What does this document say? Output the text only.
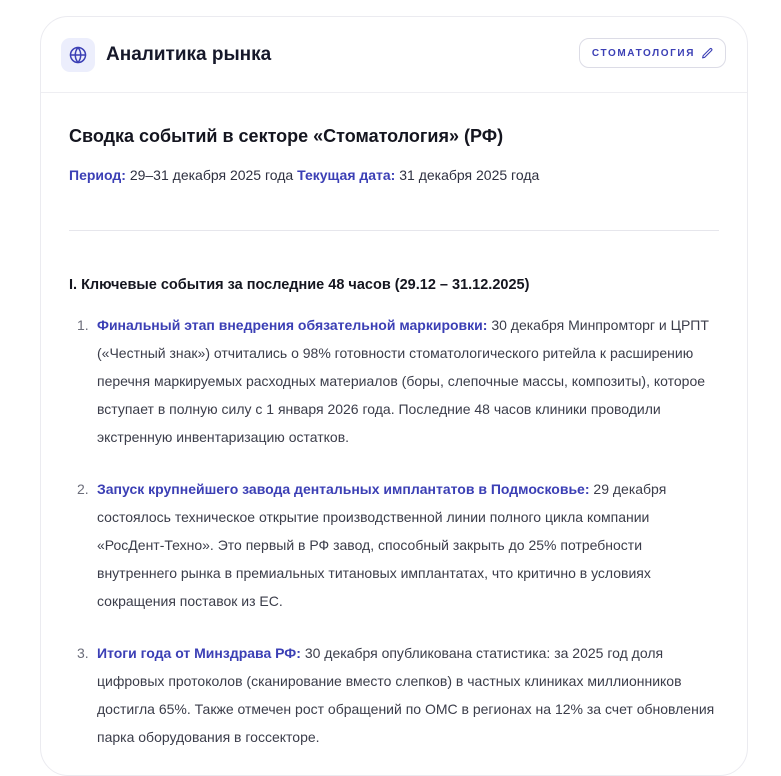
Аналитика рынка	СТОМАТОЛОГИЯ
Сводка событий в секторе «Стоматология» (РФ)
Период: 29–31 декабря 2025 года Текущая дата: 31 декабря 2025 года
I. Ключевые события за последние 48 часов (29.12 – 31.12.2025)
1. Финальный этап внедрения обязательной маркировки: 30 декабря Минпромторг и ЦРПТ («Честный знак») отчитались о 98% готовности стоматологического ритейла к расширению перечня маркируемых расходных материалов (боры, слепочные массы, композиты), которое вступает в полную силу с 1 января 2026 года. Последние 48 часов клиники проводили экстренную инвентаризацию остатков.
2. Запуск крупнейшего завода дентальных имплантатов в Подмосковье: 29 декабря состоялось техническое открытие производственной линии полного цикла компании «РосДент-Техно». Это первый в РФ завод, способный закрыть до 25% потребности внутреннего рынка в премиальных титановых имплантатах, что критично в условиях сокращения поставок из ЕС.
3. Итоги года от Минздрава РФ: 30 декабря опубликована статистика: за 2025 год доля цифровых протоколов (сканирование вместо слепков) в частных клиниках миллионников достигла 65%. Также отмечен рост обращений по ОМС в регионах на 12% за счет обновления парка оборудования в госсекторе.
